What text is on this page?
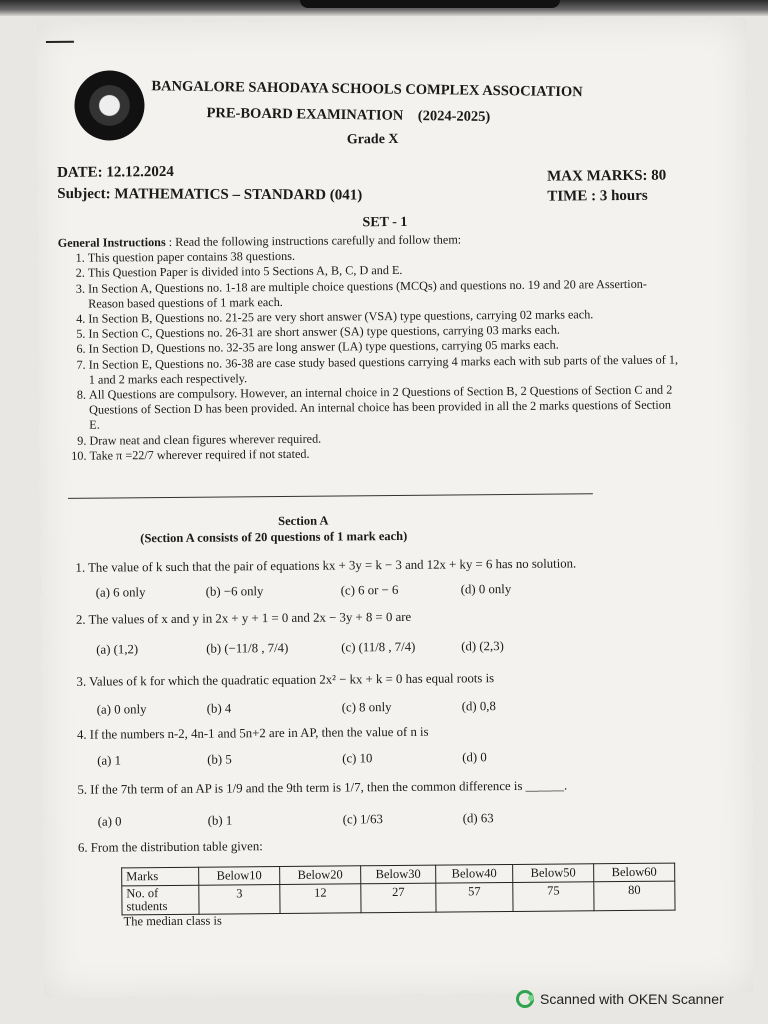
BANGALORE SAHODAYA SCHOOLS COMPLEX ASSOCIATION
PRE-BOARD EXAMINATION (2024-2025)
Grade X
DATE: 12.12.2024
Subject: MATHEMATICS – STANDARD (041)
MAX MARKS: 80
TIME : 3 hours
SET - 1
General Instructions : Read the following instructions carefully and follow them:
1. This question paper contains 38 questions.
2. This Question Paper is divided into 5 Sections A, B, C, D and E.
3. In Section A, Questions no. 1-18 are multiple choice questions (MCQs) and questions no. 19 and 20 are Assertion- Reason based questions of 1 mark each.
4. In Section B, Questions no. 21-25 are very short answer (VSA) type questions, carrying 02 marks each.
5. In Section C, Questions no. 26-31 are short answer (SA) type questions, carrying 03 marks each.
6. In Section D, Questions no. 32-35 are long answer (LA) type questions, carrying 05 marks each.
7. In Section E, Questions no. 36-38 are case study based questions carrying 4 marks each with sub parts of the values of 1, 1 and 2 marks each respectively.
8. All Questions are compulsory. However, an internal choice in 2 Questions of Section B, 2 Questions of Section C and 2 Questions of Section D has been provided. An internal choice has been provided in all the 2 marks questions of Section E.
9. Draw neat and clean figures wherever required.
10. Take π =22/7 wherever required if not stated.
Section A
(Section A consists of 20 questions of 1 mark each)
1. The value of k such that the pair of equations kx + 3y = k − 3 and 12x + ky = 6 has no solution.
(a) 6 only	(b) −6 only	(c) 6 or − 6	(d) 0 only
2. The values of x and y in 2x + y + 1 = 0 and 2x − 3y + 8 = 0 are
(a) (1,2)	(b) (−11/8 , 7/4)	(c) (11/8 , 7/4)	(d) (2,3)
3. Values of k for which the quadratic equation 2x² − kx + k = 0 has equal roots is
(a) 0 only	(b) 4	(c) 8 only	(d) 0,8
4. If the numbers n-2, 4n-1 and 5n+2 are in AP, then the value of n is
(a) 1	(b) 5	(c) 10	(d) 0
5. If the 7th term of an AP is 1/9 and the 9th term is 1/7, then the common difference is ______.
(a) 0	(b) 1	(c) 1/63	(d) 63
6. From the distribution table given:
Marks	Below10	Below20	Below30	Below40	Below50	Below60
No. of students	3	12	27	57	75	80
The median class is
Scanned with OKEN Scanner
